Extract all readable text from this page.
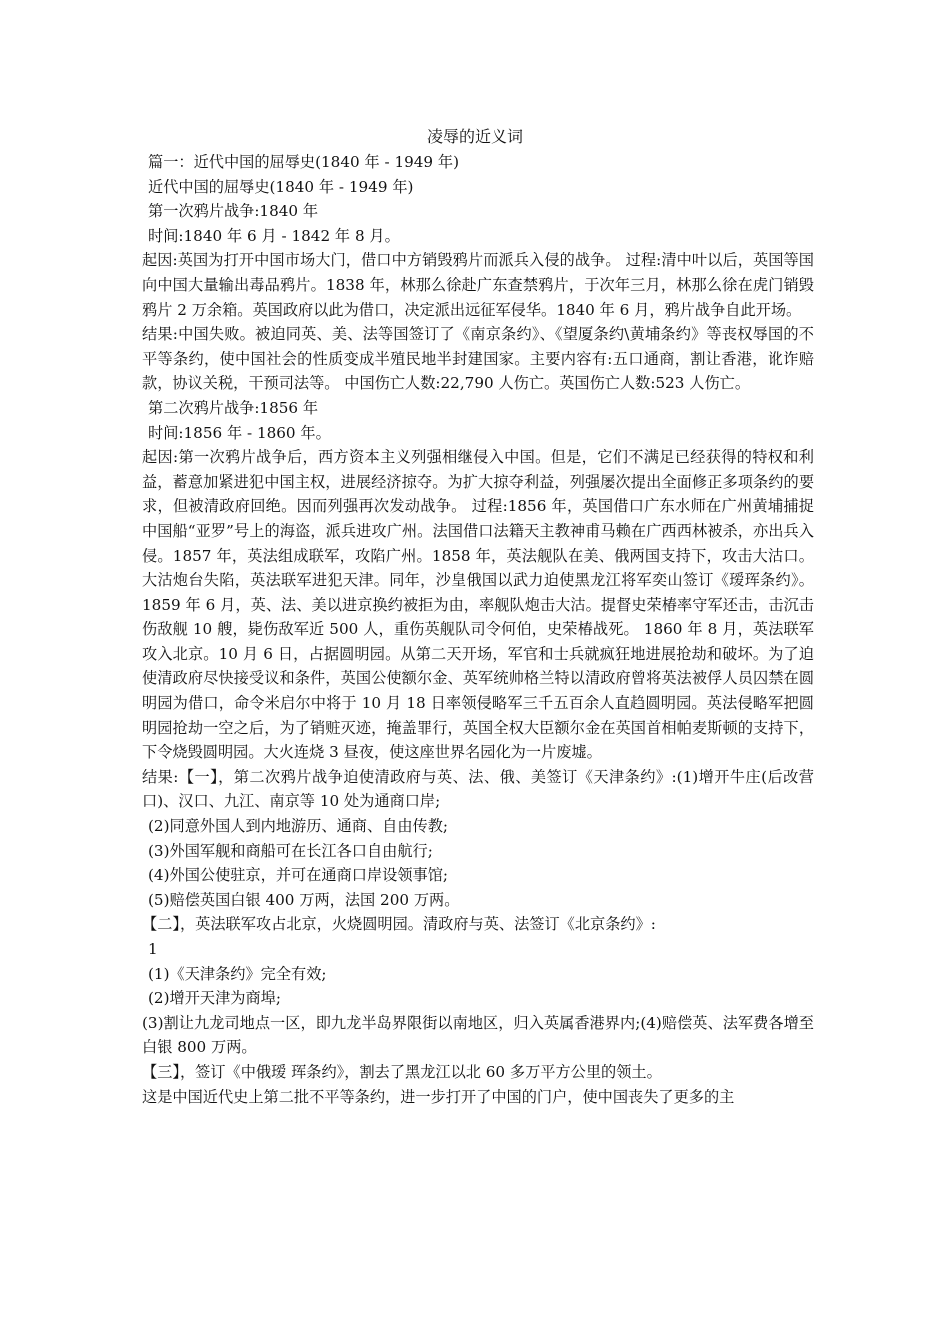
凌辱的近义词

篇一：近代中国的屈辱史(1840 年 - 1949 年)

近代中国的屈辱史(1840 年 - 1949 年)

第一次鸦片战争:1840 年

时间:1840 年 6 月 - 1842 年 8 月。

起因:英国为打开中国市场大门，借口中方销毁鸦片而派兵入侵的战争。 过程:清中叶以后，英国等国向中国大量输出毒品鸦片。1838 年，林那么徐赴广东查禁鸦片，于次年三月，林那么徐在虎门销毁鸦片 2 万余箱。英国政府以此为借口，决定派出远征军侵华。1840 年 6 月，鸦片战争自此开场。

结果:中国失败。被迫同英、美、法等国签订了《南京条约》、《望厦条约\黄埔条约》等丧权辱国的不平等条约，使中国社会的性质变成半殖民地半封建国家。主要内容有:五口通商，割让香港，讹诈赔款，协议关税，干预司法等。 中国伤亡人数:22,790 人伤亡。英国伤亡人数:523 人伤亡。

第二次鸦片战争:1856 年

时间:1856 年 - 1860 年。

起因:第一次鸦片战争后，西方资本主义列强相继侵入中国。但是，它们不满足已经获得的特权和利益，蓄意加紧进犯中国主权，进展经济掠夺。为扩大掠夺利益，列强屡次提出全面修正多项条约的要求，但被清政府回绝。因而列强再次发动战争。 过程:1856 年，英国借口广东水师在广州黄埔捕捉中国船“亚罗”号上的海盗，派兵进攻广州。法国借口法籍天主教神甫马赖在广西西林被杀，亦出兵入侵。1857 年，英法组成联军，攻陷广州。1858 年，英法舰队在美、俄两国支持下，攻击大沽口。大沽炮台失陷，英法联军进犯天津。同年，沙皇俄国以武力迫使黑龙江将军奕山签订《瑷珲条约》。1859 年 6 月，英、法、美以进京换约被拒为由，率舰队炮击大沽。提督史荣椿率守军还击，击沉击伤敌舰 10 艘，毙伤敌军近 500 人，重伤英舰队司令何伯，史荣椿战死。 1860 年 8 月，英法联军攻入北京。10 月 6 日，占据圆明园。从第二天开场，军官和士兵就疯狂地进展抢劫和破坏。为了迫使清政府尽快接受议和条件，英国公使额尔金、英军统帅格兰特以清政府曾将英法被俘人员囚禁在圆明园为借口，命令米启尔中将于 10 月 18 日率领侵略军三千五百余人直趋圆明园。英法侵略军把圆明园抢劫一空之后，为了销赃灭迹，掩盖罪行，英国全权大臣额尔金在英国首相帕麦斯顿的支持下，下令烧毁圆明园。大火连烧 3 昼夜，使这座世界名园化为一片废墟。

结果:【一】，第二次鸦片战争迫使清政府与英、法、俄、美签订《天津条约》:(1)增开牛庄(后改营口)、汉口、九江、南京等 10 处为通商口岸;

(2)同意外国人到内地游历、通商、自由传教;

(3)外国军舰和商船可在长江各口自由航行;

(4)外国公使驻京，并可在通商口岸设领事馆;

(5)赔偿英国白银 400 万两，法国 200 万两。

【二】，英法联军攻占北京，火烧圆明园。清政府与英、法签订《北京条约》:

1

(1)《天津条约》完全有效;

(2)增开天津为商埠;

(3)割让九龙司地点一区，即九龙半岛界限街以南地区，归入英属香港界内;(4)赔偿英、法军费各增至白银 800 万两。

【三】，签订《中俄瑷 珲条约》，割去了黑龙江以北 60 多万平方公里的领土。

这是中国近代史上第二批不平等条约，进一步打开了中国的门户，使中国丧失了更多的主
